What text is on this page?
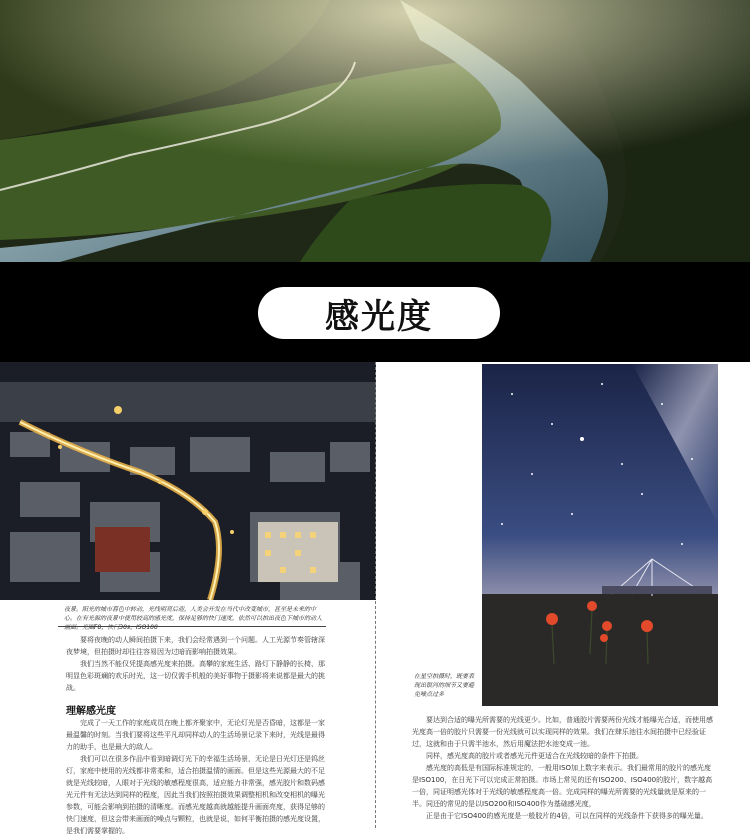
感光度
夜景。阳光的城市暮色中转动，光线明亮后迎，人类会开发在当代中改变城市，甚至是未来的中心。在有光源的夜景中使用较高的感光度，保持足够的快门速度，依然可以拍出夜色下城市的动人画面。光圈F8，快门30s，ISO100

要将夜晚的动人瞬间拍摄下来，我们会经常遇到一个问题。人工光源节奏管辖深夜梦境，但拍摄时却往往容易因为过暗而影响拍摄效果。

我们当然不能仅凭提高感光度来拍摄。高攀的家庭生活、路灯下静静的长椅、那明显色彩斑斓的欢乐时光，这一切仅需手机般的美好事物于摄影将来说都是最大的挑战。

理解感光度

完成了一天工作的家庭成员在晚上都齐聚家中，无论灯光是否昏暗，这都是一家最温馨的时刻。当我们要将这些平凡却同样动人的生活场景记录下来时，光线是最得力的助手，也是最大的敌人。

我们可以在很多作品中看到暗调灯光下的幸福生活场景，无论是日光灯还是钨丝灯，家庭中使用的光线都非常柔和，适合拍摄温情的画面。但是这些光源最大的不足就是光线较暗，人眼对于光线的敏感程度很高，适应能力非常强，感光胶片和数码感光元件有无法达到同样的程度，因此当我们按照拍摄效果调整相机和改变相机的曝光参数，可能会影响到拍摄的清晰度。而感光度越高就越能提升画面亮度，获得足够的快门速度，但这会带来画面的噪点与颗粒，也就是说，如何平衡拍摄的感光度设置，是我们需要掌握的。

在星空拍摄时，既要表现出银河的细节又要避免噪点过多

要达到合适的曝光所需要的光线更少。比如，普通胶片需要两份光线才能曝光合适，而使用感光度高一倍的胶片只需要一份光线就可以实现同样的效果。我们在肆乐池往水间拍摄中已经验证过，这就和由于只需半池水，然后用魔法把水池变成一池。

同样，感光度高的胶片或者感光元件更适合在光线较暗的条件下拍摄。

感光度的高低是有国际标准规定的，一般用ISO加上数字来表示。我们最常用的胶片的感光度是ISO100，在日光下可以完成正常拍摄。市场上常见的还有ISO200、ISO400的胶片，数字越高一倍，同证明感光体对于光线的敏感程度高一倍。完成同样的曝光所需要的光线量就是原来的一半。同还的常见的是以ISO200和ISO400作为基础感光度，

正是由于它ISO400的感光度是一般胶片的4倍，可以在同样的光线条件下获得多的曝光量。
